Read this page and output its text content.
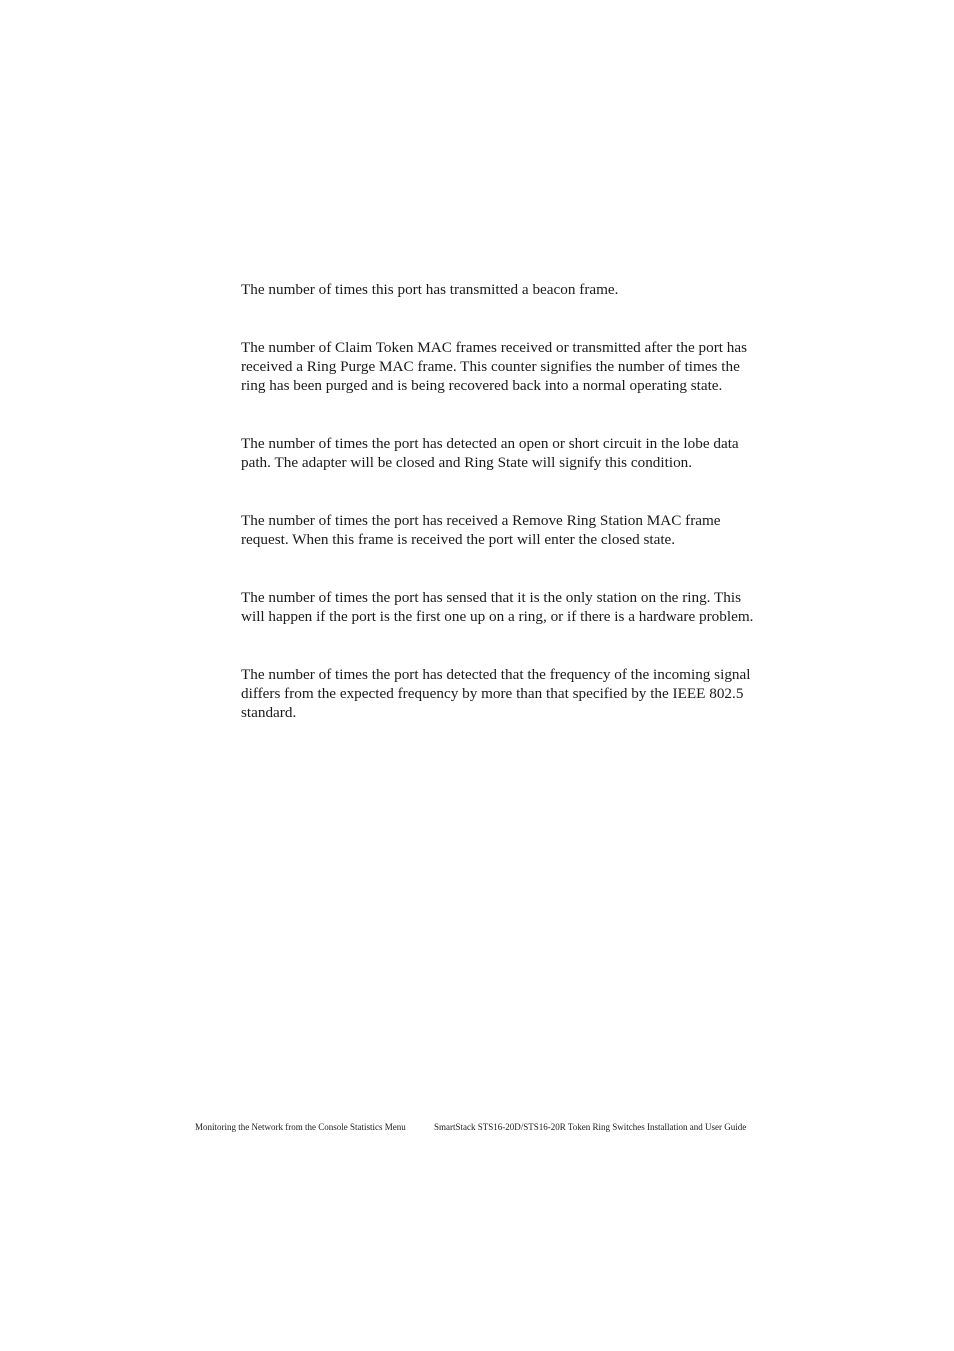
The number of times this port has transmitted a beacon frame.

The number of Claim Token MAC frames received or transmitted after the port has
received a Ring Purge MAC frame. This counter signifies the number of times the
ring has been purged and is being recovered back into a normal operating state.

The number of times the port has detected an open or short circuit in the lobe data
path. The adapter will be closed and Ring State will signify this condition.

The number of times the port has received a Remove Ring Station MAC frame
request. When this frame is received the port will enter the closed state.

The number of times the port has sensed that it is the only station on the ring. This
will happen if the port is the first one up on a ring, or if there is a hardware problem.

The number of times the port has detected that the frequency of the incoming signal
differs from the expected frequency by more than that specified by the IEEE 802.5
standard.

Monitoring the Network from the Console Statistics Menu	SmartStack STS16-20D/STS16-20R Token Ring Switches Installation and User Guide
